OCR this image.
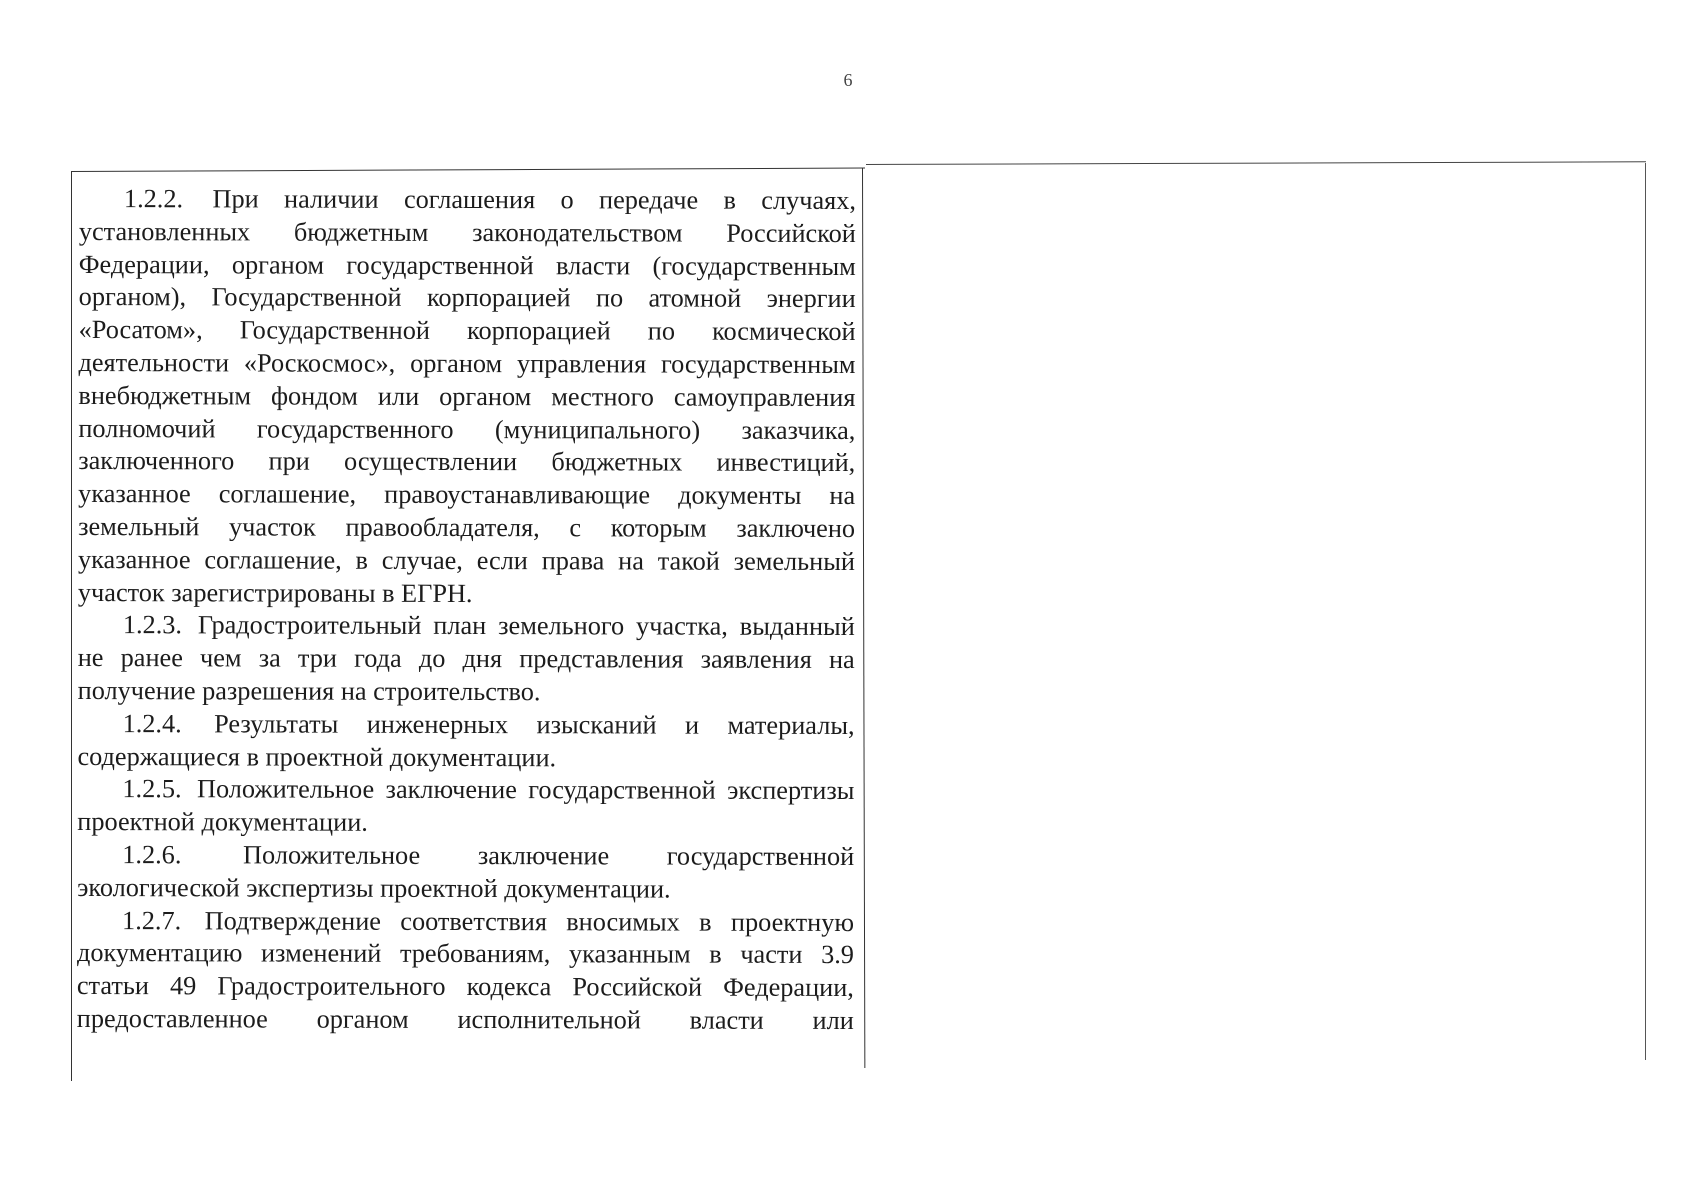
6

1.2.2. При наличии соглашения о передаче в случаях, установленных бюджетным законодательством Российской Федерации, органом государственной власти (государственным органом), Государственной корпорацией по атомной энергии «Росатом», Государственной корпорацией по космической деятельности «Роскосмос», органом управления государственным внебюджетным фондом или органом местного самоуправления полномочий государственного (муниципального) заказчика, заключенного при осуществлении бюджетных инвестиций, указанное соглашение, правоустанавливающие документы на земельный участок правообладателя, с которым заключено указанное соглашение, в случае, если права на такой земельный участок зарегистрированы в ЕГРН.

1.2.3. Градостроительный план земельного участка, выданный не ранее чем за три года до дня представления заявления на получение разрешения на строительство.

1.2.4. Результаты инженерных изысканий и материалы, содержащиеся в проектной документации.

1.2.5. Положительное заключение государственной экспертизы проектной документации.

1.2.6. Положительное заключение государственной экологической экспертизы проектной документации.

1.2.7. Подтверждение соответствия вносимых в проектную документацию изменений требованиям, указанным в части 3.9 статьи 49 Градостроительного кодекса Российской Федерации, предоставленное органом исполнительной власти или
